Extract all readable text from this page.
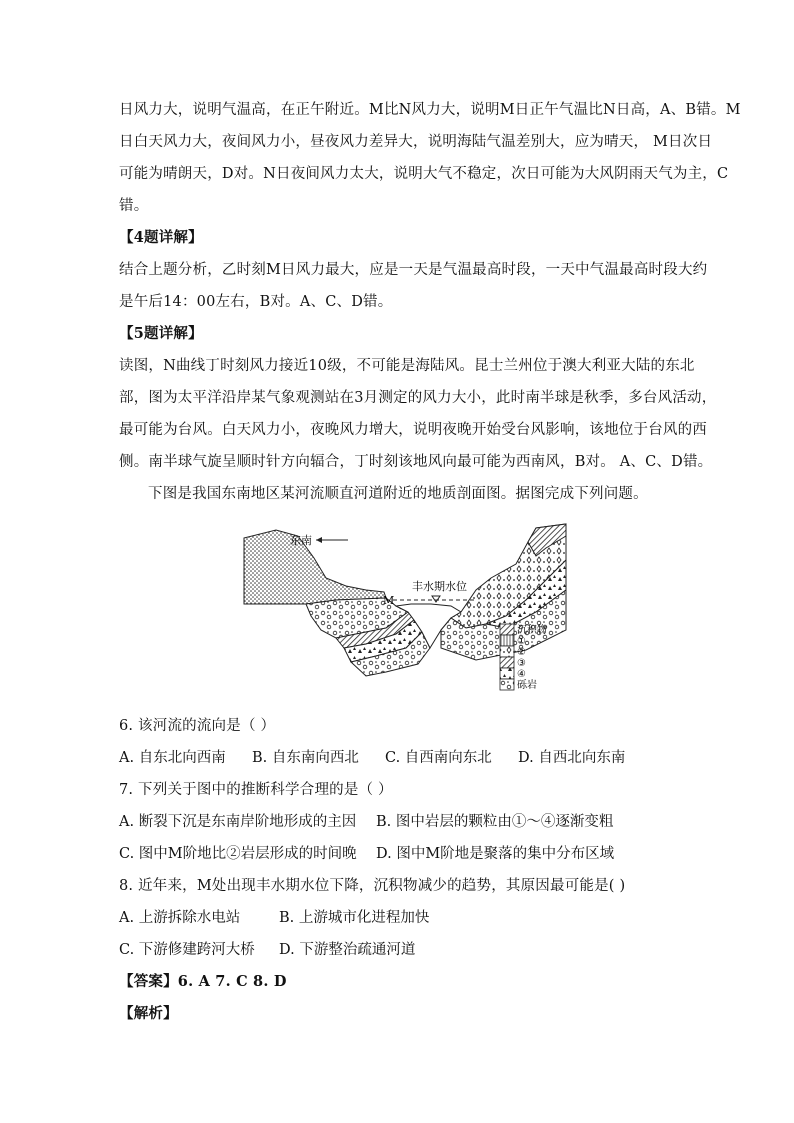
日风力大，说明气温高，在正午附近。M比N风力大，说明M日正午气温比N日高，A、B错。M
日白天风力大，夜间风力小，昼夜风力差异大，说明海陆气温差别大，应为晴天， M日次日
可能为晴朗天，D对。N日夜间风力太大，说明大气不稳定，次日可能为大风阴雨天气为主，C
错。
【4题详解】
结合上题分析，乙时刻M日风力最大，应是一天是气温最高时段，一天中气温最高时段大约
是午后14：00左右，B对。A、C、D错。
【5题详解】
读图，N曲线丁时刻风力接近10级，不可能是海陆风。昆士兰州位于澳大利亚大陆的东北
部，图为太平洋沿岸某气象观测站在3月测定的风力大小，此时南半球是秋季，多台风活动，
最可能为台风。白天风力小，夜晚风力增大，说明夜晚开始受台风影响，该地位于台风的西
侧。南半球气旋呈顺时针方向辐合，丁时刻该地风向最可能为西南风，B对。 A、C、D错。
下图是我国东南地区某河流顺直河道附近的地质剖面图。据图完成下列问题。
东南
丰水期水位
M
沉积物
①
②
③
④
砾岩
6. 该河流的流向是（ ）
A. 自东北向西南 B. 自东南向西北 C. 自西南向东北 D. 自西北向东南
7. 下列关于图中的推断科学合理的是（ ）
A. 断裂下沉是东南岸阶地形成的主因 B. 图中岩层的颗粒由①～④逐渐变粗
C. 图中M阶地比②岩层形成的时间晚 D. 图中M阶地是聚落的集中分布区域
8. 近年来，M处出现丰水期水位下降，沉积物减少的趋势，其原因最可能是( )
A. 上游拆除水电站	B. 上游城市化进程加快
C. 下游修建跨河大桥 D. 下游整治疏通河道
【答案】6. A 7. C 8. D
【解析】
